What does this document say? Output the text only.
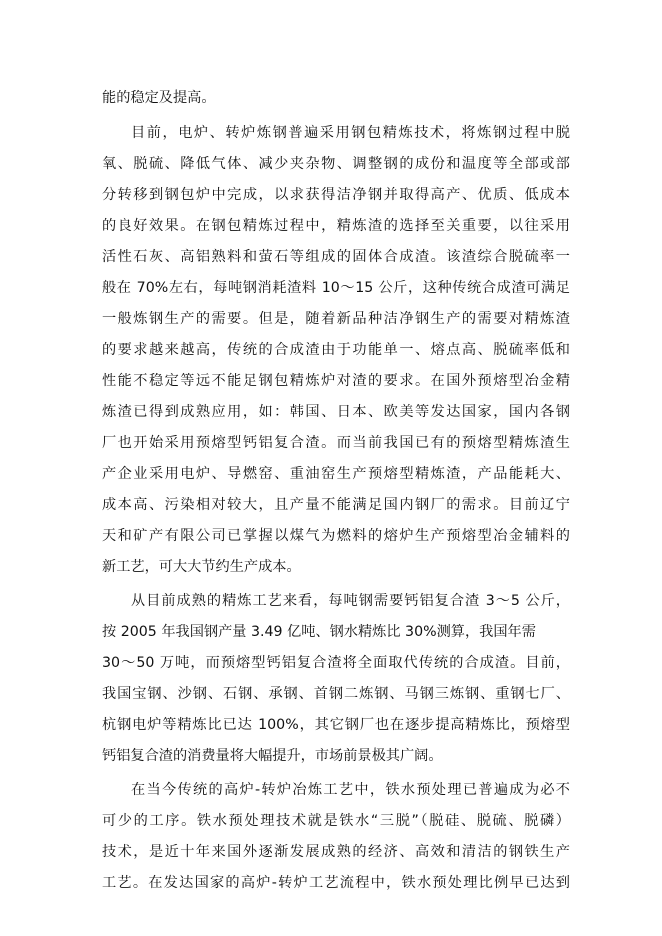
能的稳定及提高。
目前，电炉、转炉炼钢普遍采用钢包精炼技术，将炼钢过程中脱
氧、脱硫、降低气体、减少夹杂物、调整钢的成份和温度等全部或部
分转移到钢包炉中完成，以求获得洁净钢并取得高产、优质、低成本
的良好效果。在钢包精炼过程中，精炼渣的选择至关重要，以往采用
活性石灰、高铝熟料和萤石等组成的固体合成渣。该渣综合脱硫率一
般在 70%左右，每吨钢消耗渣料 10～15 公斤，这种传统合成渣可满足
一般炼钢生产的需要。但是，随着新品种洁净钢生产的需要对精炼渣
的要求越来越高，传统的合成渣由于功能单一、熔点高、脱硫率低和
性能不稳定等远不能足钢包精炼炉对渣的要求。在国外预熔型冶金精
炼渣已得到成熟应用，如：韩国、日本、欧美等发达国家，国内各钢
厂也开始采用预熔型钙铝复合渣。而当前我国已有的预熔型精炼渣生
产企业采用电炉、导燃窑、重油窑生产预熔型精炼渣，产品能耗大、
成本高、污染相对较大，且产量不能满足国内钢厂的需求。目前辽宁
天和矿产有限公司已掌握以煤气为燃料的熔炉生产预熔型冶金辅料的
新工艺，可大大节约生产成本。
从目前成熟的精炼工艺来看，每吨钢需要钙铝复合渣 3～5 公斤，
按 2005 年我国钢产量 3.49 亿吨、钢水精炼比 30%测算，我国年需
30～50 万吨，而预熔型钙铝复合渣将全面取代传统的合成渣。目前，
我国宝钢、沙钢、石钢、承钢、首钢二炼钢、马钢三炼钢、重钢七厂、
杭钢电炉等精炼比已达 100%，其它钢厂也在逐步提高精炼比，预熔型
钙铝复合渣的消费量将大幅提升，市场前景极其广阔。
在当今传统的高炉-转炉冶炼工艺中，铁水预处理已普遍成为必不
可少的工序。铁水预处理技术就是铁水“三脱”（脱硅、脱硫、脱磷）
技术，是近十年来国外逐渐发展成熟的经济、高效和清洁的钢铁生产
工艺。在发达国家的高炉-转炉工艺流程中，铁水预处理比例早已达到
